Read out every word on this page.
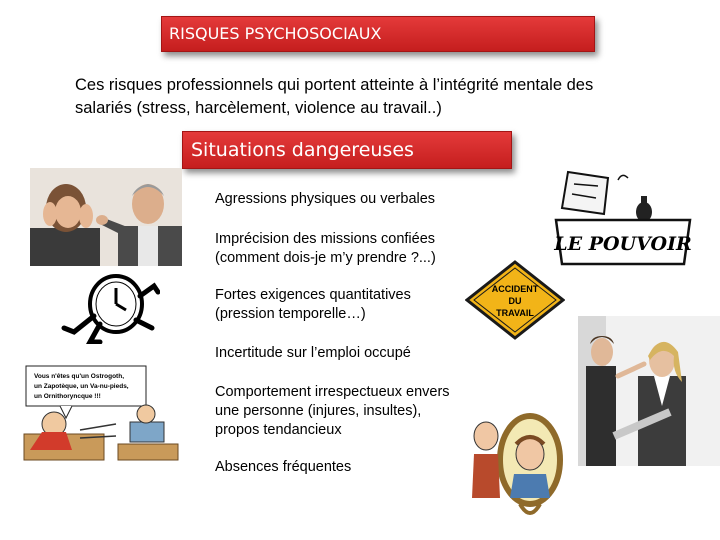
RISQUES PSYCHOSOCIAUX
Ces risques professionnels qui portent atteinte à l’intégrité mentale des
salariés (stress, harcèlement, violence au travail..)
Situations dangereuses
Agressions physiques ou verbales
Imprécision des missions confiées
(comment dois-je m’y prendre ?...)
Fortes exigences quantitatives
(pression temporelle…)
Incertitude sur l’emploi occupé
Comportement irrespectueux envers
une personne (injures, insultes),
propos tendancieux
Absences fréquentes
Vous n'êtes qu'un Ostrogoth,
un Zapotèque, un Va-nu-pieds,
un Ornithoryncque !!!
LE POUVOIR
ACCIDENT
DU
TRAVAIL
